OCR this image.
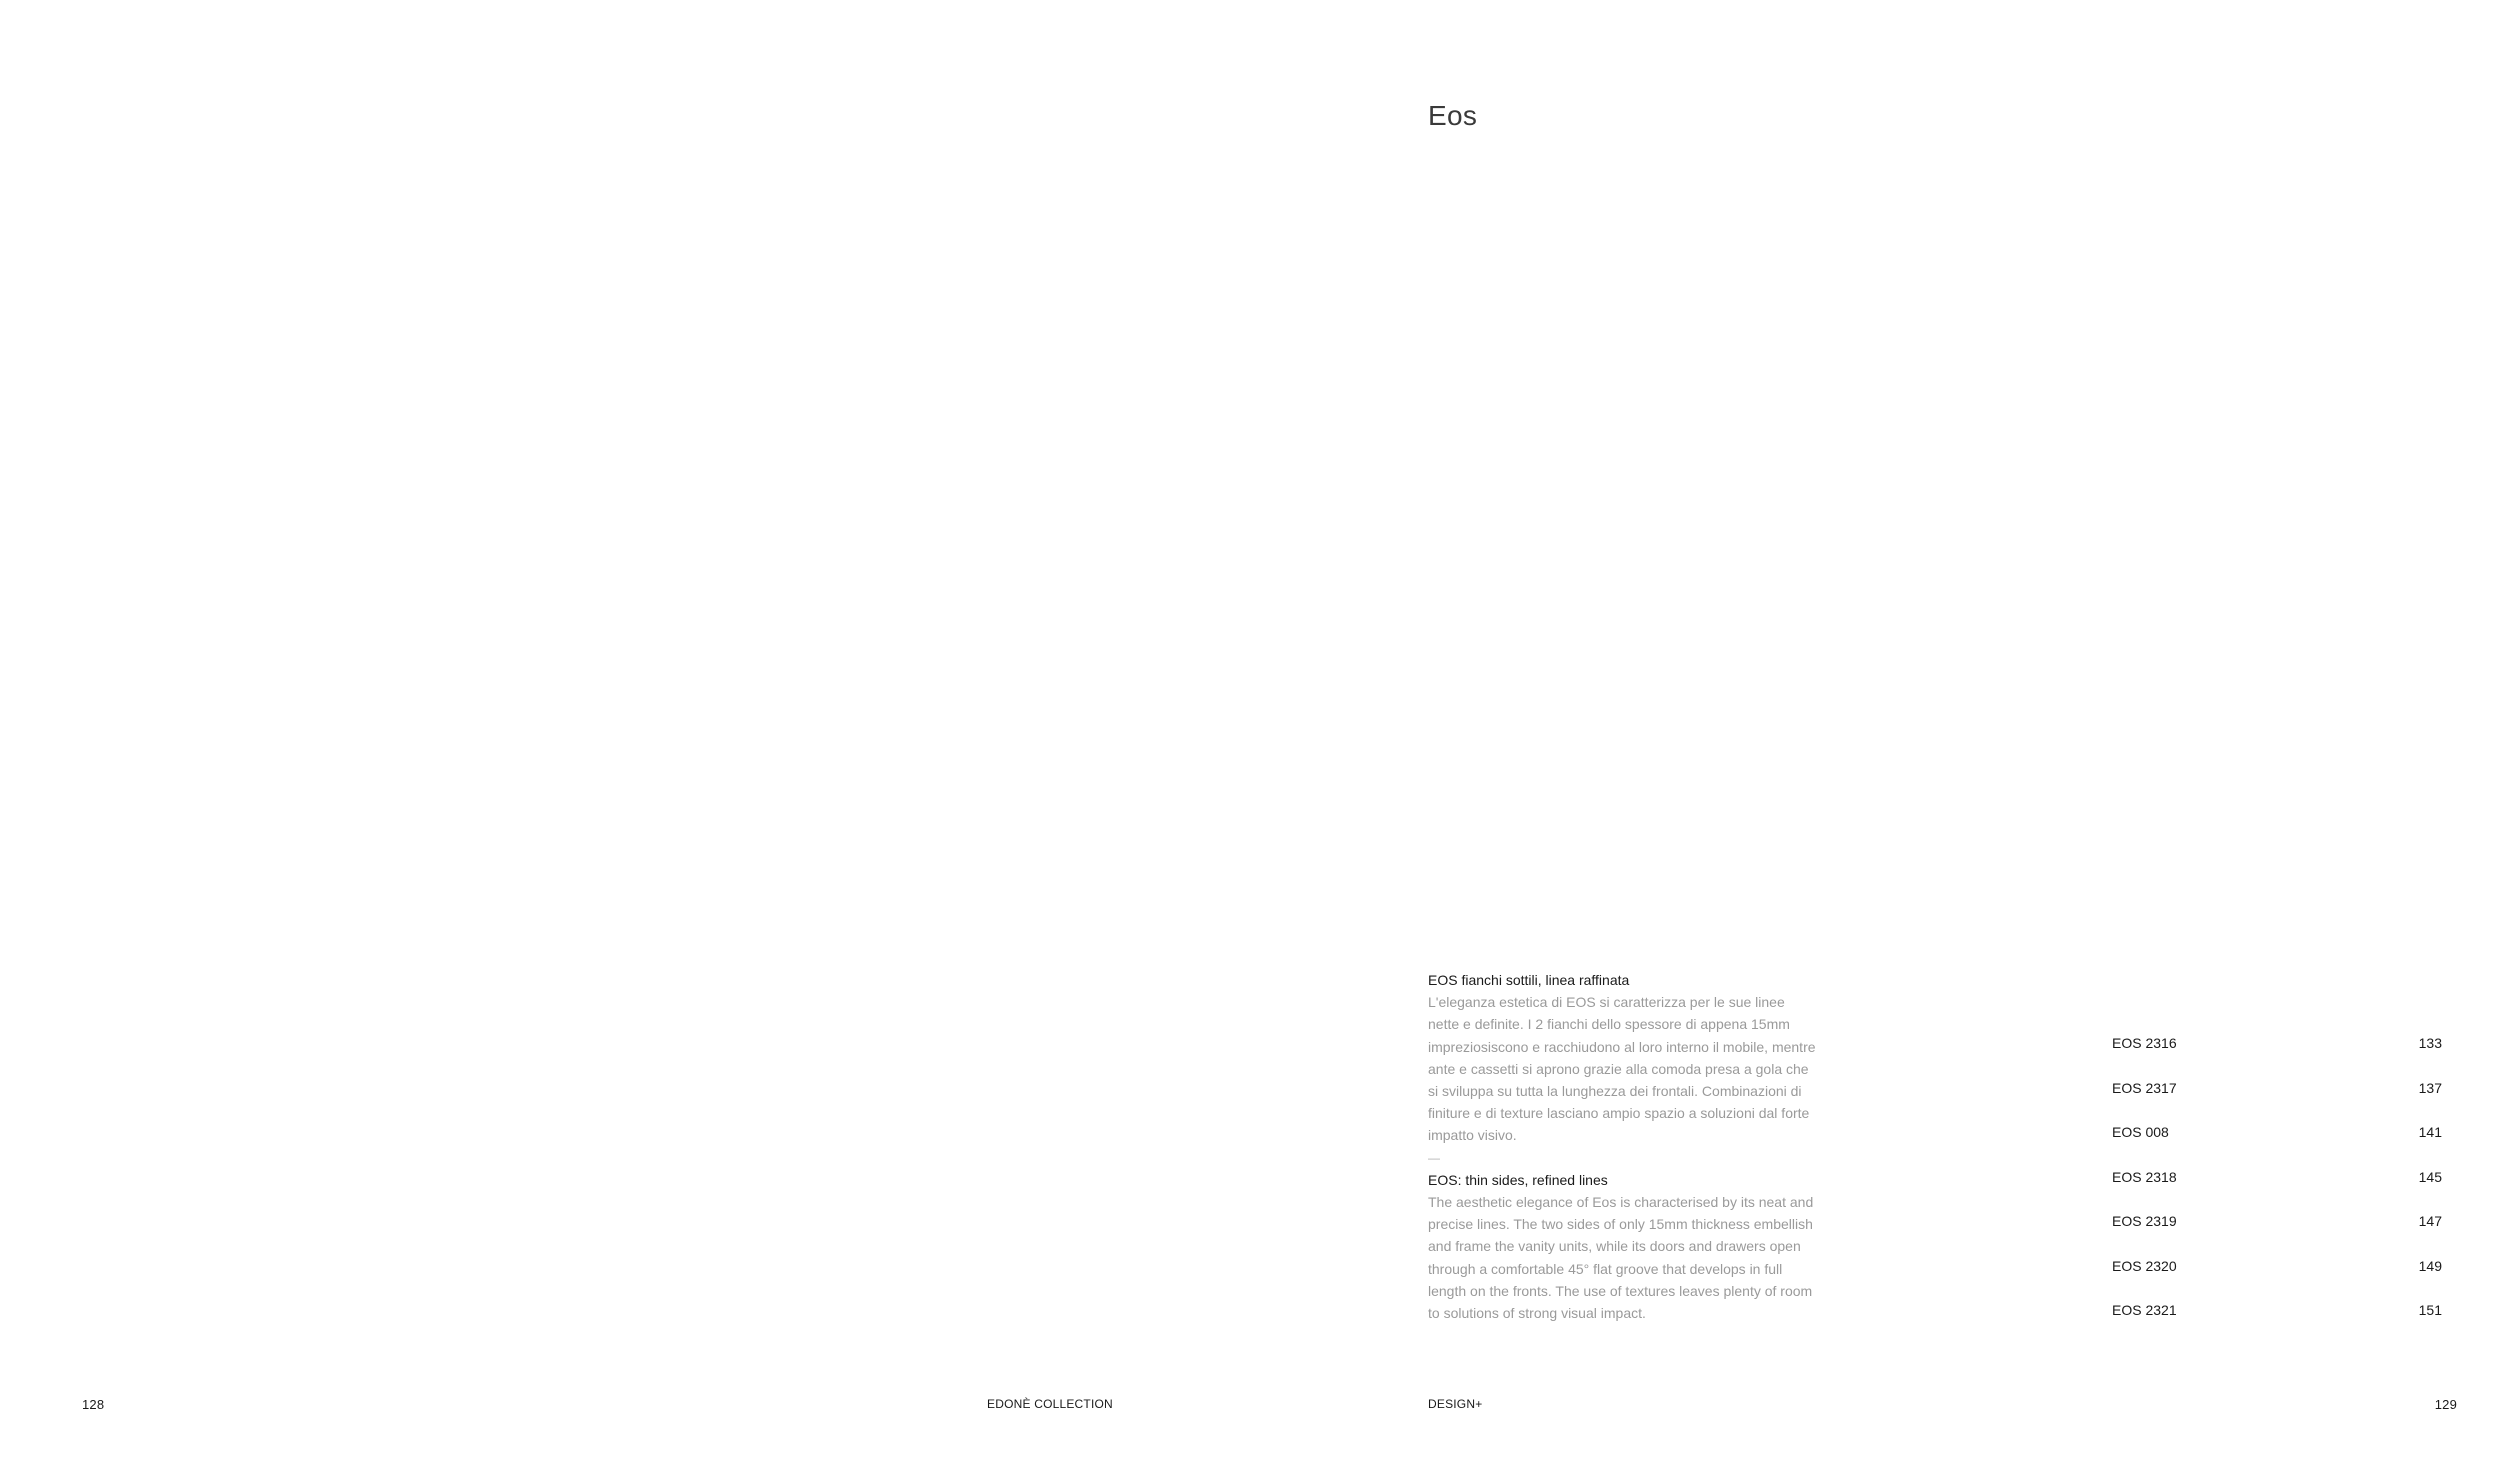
128	EDONÈ COLLECTION
Eos
EOS fianchi sottili, linea raffinata
L'eleganza estetica di EOS si caratterizza per le sue linee
nette e definite. I 2 fianchi dello spessore di appena 15mm
impreziosiscono e racchiudono al loro interno il mobile, mentre
ante e cassetti si aprono grazie alla comoda presa a gola che
si sviluppa su tutta la lunghezza dei frontali. Combinazioni di
finiture e di texture lasciano ampio spazio a soluzioni dal forte
impatto visivo.
—
EOS: thin sides, refined lines
The aesthetic elegance of Eos is characterised by its neat and
precise lines. The two sides of only 15mm thickness embellish
and frame the vanity units, while its doors and drawers open
through a comfortable 45° flat groove that develops in full
length on the fronts. The use of textures leaves plenty of room
to solutions of strong visual impact.
EOS 2316	133
EOS 2317	137
EOS 008	141
EOS 2318	145
EOS 2319	147
EOS 2320	149
EOS 2321	151
DESIGN+	129
